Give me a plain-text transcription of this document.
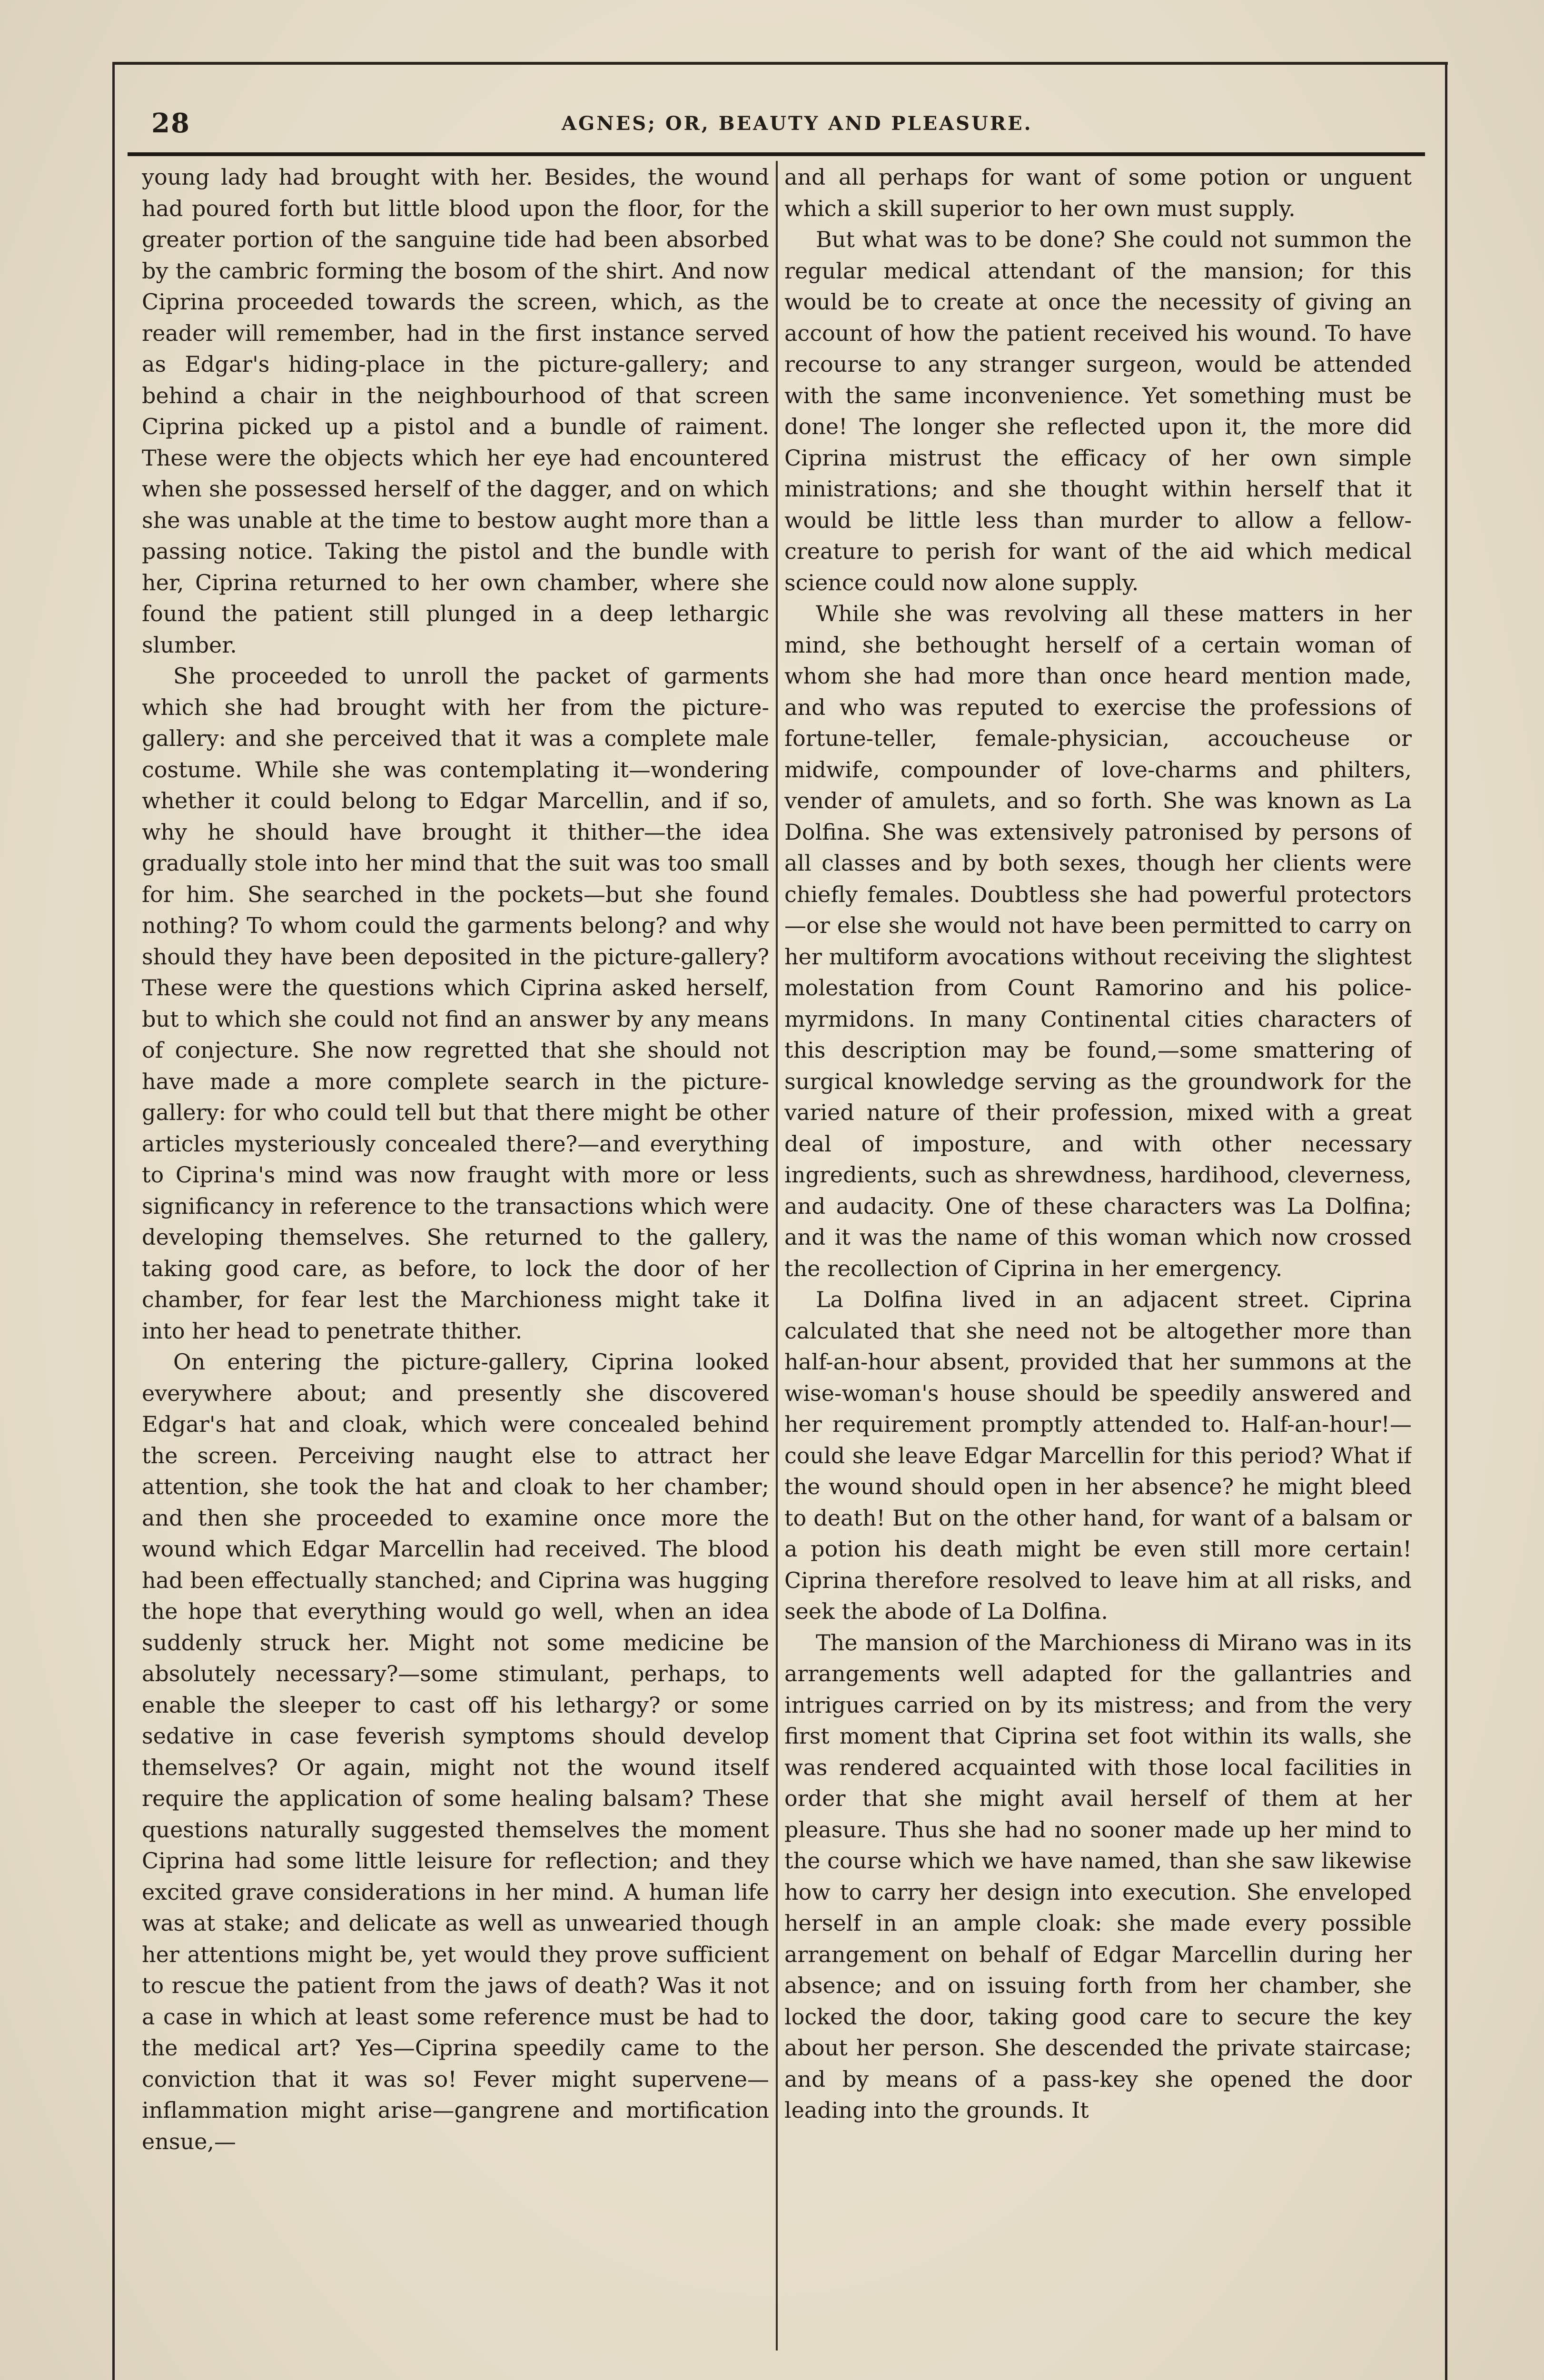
28	AGNES; OR, BEAUTY AND PLEASURE.

young lady had brought with her. Besides, the wound had poured forth but little blood upon the floor, for the greater portion of the sanguine tide had been absorbed by the cambric forming the bosom of the shirt. And now Ciprina proceeded towards the screen, which, as the reader will remember, had in the first instance served as Edgar's hiding-place in the picture-gallery; and behind a chair in the neighbourhood of that screen Ciprina picked up a pistol and a bundle of raiment. These were the objects which her eye had encountered when she possessed herself of the dagger, and on which she was unable at the time to bestow aught more than a passing notice. Taking the pistol and the bundle with her, Ciprina returned to her own chamber, where she found the patient still plunged in a deep lethargic slumber.

She proceeded to unroll the packet of garments which she had brought with her from the picture-gallery: and she perceived that it was a complete male costume. While she was contemplating it—wondering whether it could belong to Edgar Marcellin, and if so, why he should have brought it thither—the idea gradually stole into her mind that the suit was too small for him. She searched in the pockets—but she found nothing? To whom could the garments belong? and why should they have been deposited in the picture-gallery? These were the questions which Ciprina asked herself, but to which she could not find an answer by any means of conjecture. She now regretted that she should not have made a more complete search in the picture-gallery: for who could tell but that there might be other articles mysteriously concealed there?—and everything to Ciprina's mind was now fraught with more or less significancy in reference to the transactions which were developing themselves. She returned to the gallery, taking good care, as before, to lock the door of her chamber, for fear lest the Marchioness might take it into her head to penetrate thither.

On entering the picture-gallery, Ciprina looked everywhere about; and presently she discovered Edgar's hat and cloak, which were concealed behind the screen. Perceiving naught else to attract her attention, she took the hat and cloak to her chamber; and then she proceeded to examine once more the wound which Edgar Marcellin had received. The blood had been effectually stanched; and Ciprina was hugging the hope that everything would go well, when an idea suddenly struck her. Might not some medicine be absolutely necessary?—some stimulant, perhaps, to enable the sleeper to cast off his lethargy? or some sedative in case feverish symptoms should develop themselves? Or again, might not the wound itself require the application of some healing balsam? These questions naturally suggested themselves the moment Ciprina had some little leisure for reflection; and they excited grave considerations in her mind. A human life was at stake; and delicate as well as unwearied though her attentions might be, yet would they prove sufficient to rescue the patient from the jaws of death? Was it not a case in which at least some reference must be had to the medical art? Yes—Ciprina speedily came to the conviction that it was so! Fever might supervene—inflammation might arise—gangrene and mortification ensue,—

and all perhaps for want of some potion or unguent which a skill superior to her own must supply.

But what was to be done? She could not summon the regular medical attendant of the mansion; for this would be to create at once the necessity of giving an account of how the patient received his wound. To have recourse to any stranger surgeon, would be attended with the same inconvenience. Yet something must be done! The longer she reflected upon it, the more did Ciprina mistrust the efficacy of her own simple ministrations; and she thought within herself that it would be little less than murder to allow a fellow-creature to perish for want of the aid which medical science could now alone supply.

While she was revolving all these matters in her mind, she bethought herself of a certain woman of whom she had more than once heard mention made, and who was reputed to exercise the professions of fortune-teller, female-physician, accoucheuse or midwife, compounder of love-charms and philters, vender of amulets, and so forth. She was known as La Dolfina. She was extensively patronised by persons of all classes and by both sexes, though her clients were chiefly females. Doubtless she had powerful protectors—or else she would not have been permitted to carry on her multiform avocations without receiving the slightest molestation from Count Ramorino and his police-myrmidons. In many Continental cities characters of this description may be found,—some smattering of surgical knowledge serving as the groundwork for the varied nature of their profession, mixed with a great deal of imposture, and with other necessary ingredients, such as shrewdness, hardihood, cleverness, and audacity. One of these characters was La Dolfina; and it was the name of this woman which now crossed the recollection of Ciprina in her emergency.

La Dolfina lived in an adjacent street. Ciprina calculated that she need not be altogether more than half-an-hour absent, provided that her summons at the wise-woman's house should be speedily answered and her requirement promptly attended to. Half-an-hour!—could she leave Edgar Marcellin for this period? What if the wound should open in her absence? he might bleed to death! But on the other hand, for want of a balsam or a potion his death might be even still more certain! Ciprina therefore resolved to leave him at all risks, and seek the abode of La Dolfina.

The mansion of the Marchioness di Mirano was in its arrangements well adapted for the gallantries and intrigues carried on by its mistress; and from the very first moment that Ciprina set foot within its walls, she was rendered acquainted with those local facilities in order that she might avail herself of them at her pleasure. Thus she had no sooner made up her mind to the course which we have named, than she saw likewise how to carry her design into execution. She enveloped herself in an ample cloak: she made every possible arrangement on behalf of Edgar Marcellin during her absence; and on issuing forth from her chamber, she locked the door, taking good care to secure the key about her person. She descended the private staircase; and by means of a pass-key she opened the door leading into the grounds. It
